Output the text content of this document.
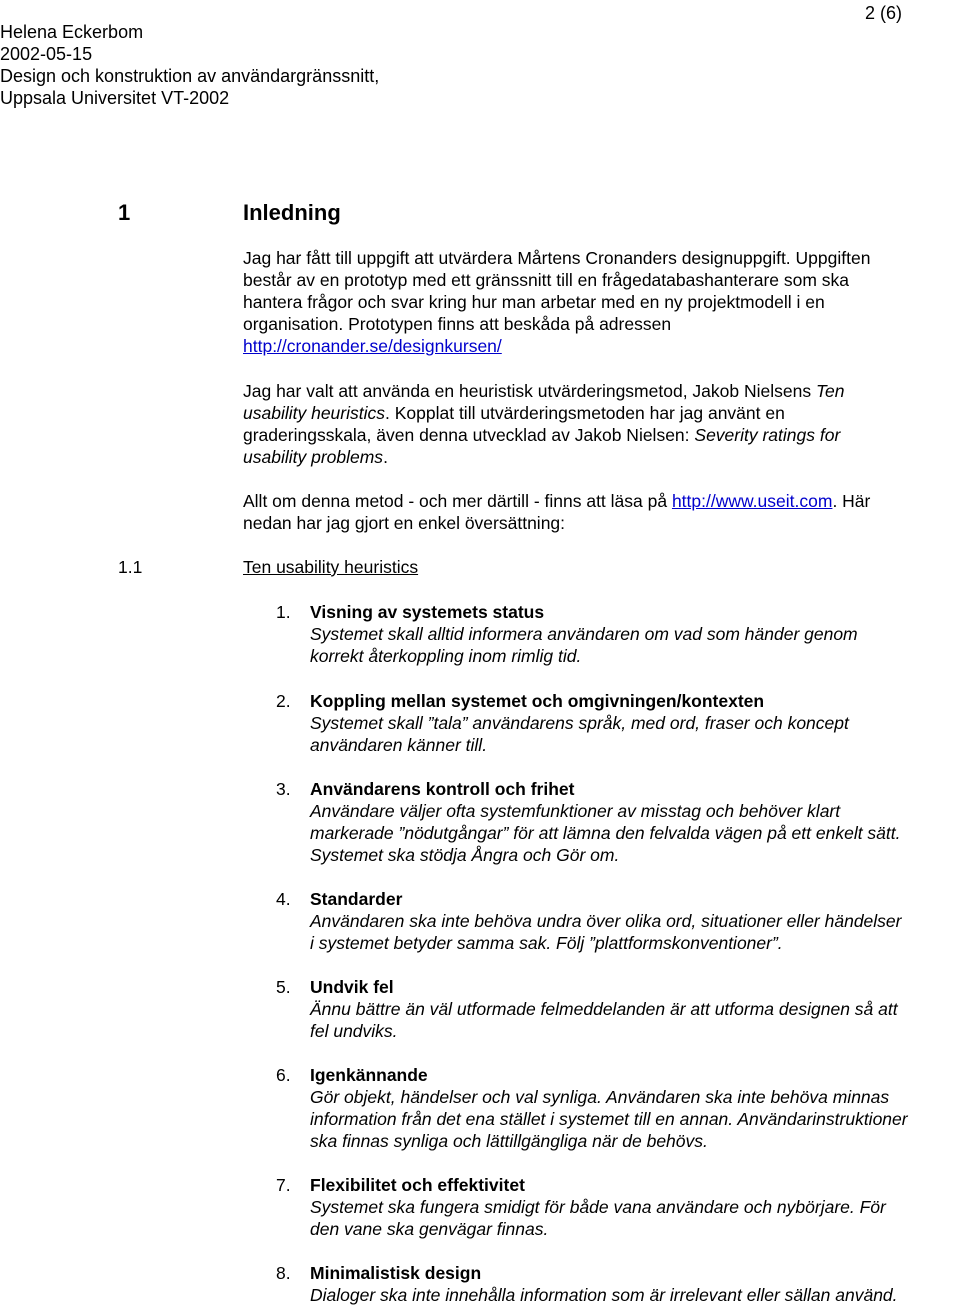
Helena Eckerbom
2002-05-15
Design och konstruktion av användargränssnitt,
Uppsala Universitet VT-2002
2 (6)
1	Inledning
Jag har fått till uppgift att utvärdera Mårtens Cronanders designuppgift. Uppgiften
består av en prototyp med ett gränssnitt till en frågedatabashanterare som ska
hantera frågor och svar kring hur man arbetar med en ny projektmodell i en
organisation. Prototypen finns att beskåda på adressen
http://cronander.se/designkursen/
Jag har valt att använda en heuristisk utvärderingsmetod, Jakob Nielsens Ten
usability heuristics. Kopplat till utvärderingsmetoden har jag använt en
graderingsskala, även denna utvecklad av Jakob Nielsen: Severity ratings for
usability problems.
Allt om denna metod - och mer därtill - finns att läsa på http://www.useit.com. Här
nedan har jag gjort en enkel översättning:
1.1	Ten usability heuristics
1. Visning av systemets status
Systemet skall alltid informera användaren om vad som händer genom
korrekt återkoppling inom rimlig tid.
2. Koppling mellan systemet och omgivningen/kontexten
Systemet skall ”tala” användarens språk, med ord, fraser och koncept
användaren känner till.
3. Användarens kontroll och frihet
Användare väljer ofta systemfunktioner av misstag och behöver klart
markerade ”nödutgångar” för att lämna den felvalda vägen på ett enkelt sätt.
Systemet ska stödja Ångra och Gör om.
4. Standarder
Användaren ska inte behöva undra över olika ord, situationer eller händelser
i systemet betyder samma sak. Följ ”plattformskonventioner”.
5. Undvik fel
Ännu bättre än väl utformade felmeddelanden är att utforma designen så att
fel undviks.
6. Igenkännande
Gör objekt, händelser och val synliga. Användaren ska inte behöva minnas
information från det ena stället i systemet till en annan. Användarinstruktioner
ska finnas synliga och lättillgängliga när de behövs.
7. Flexibilitet och effektivitet
Systemet ska fungera smidigt för både vana användare och nybörjare. För
den vane ska genvägar finnas.
8. Minimalistisk design
Dialoger ska inte innehålla information som är irrelevant eller sällan använd.
